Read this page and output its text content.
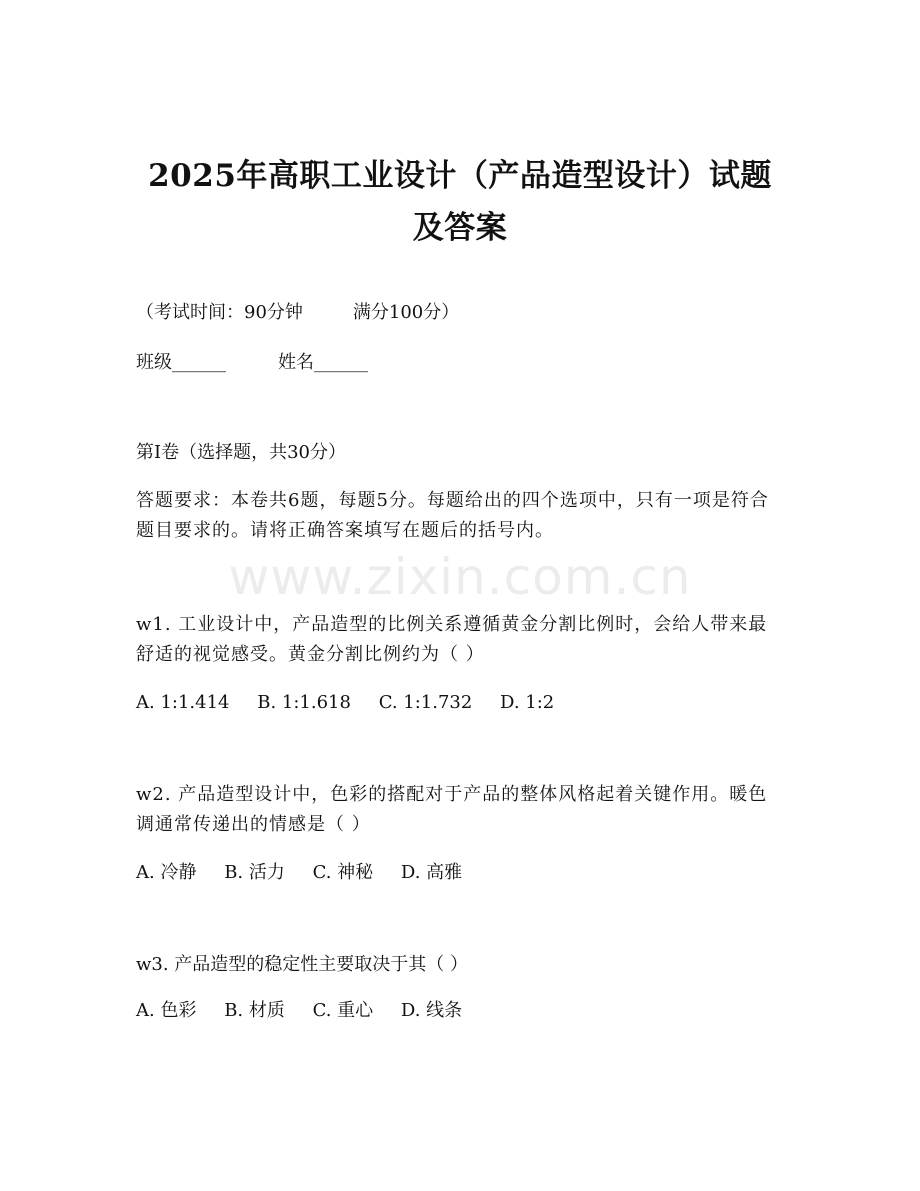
2025年高职工业设计（产品造型设计）试题
及答案
（考试时间：90分钟	满分100分）
班级______	姓名______
第I卷（选择题，共30分）
答题要求：本卷共6题，每题5分。每题给出的四个选项中，只有一项是符合题目要求的。请将正确答案填写在题后的括号内。
www.zixin.com.cn
w1. 工业设计中，产品造型的比例关系遵循黄金分割比例时，会给人带来最舒适的视觉感受。黄金分割比例约为（ ）
A. 1:1.414 B. 1:1.618 C. 1:1.732 D. 1:2
w2. 产品造型设计中，色彩的搭配对于产品的整体风格起着关键作用。暖色调通常传递出的情感是（ ）
A. 冷静 B. 活力 C. 神秘 D. 高雅
w3. 产品造型的稳定性主要取决于其（ ）
A. 色彩 B. 材质 C. 重心 D. 线条
